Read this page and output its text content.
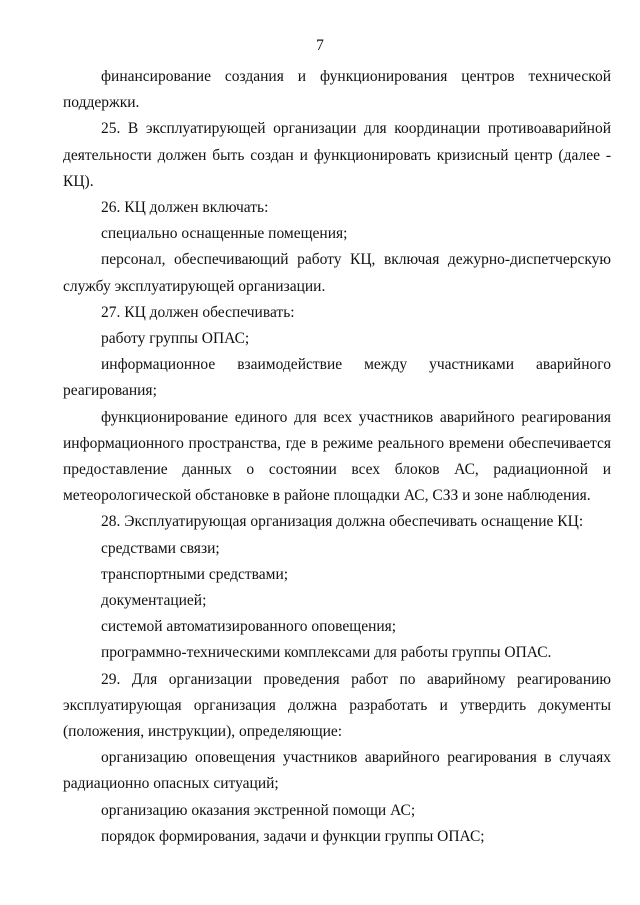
7

финансирование создания и функционирования центров технической поддержки.

25. В эксплуатирующей организации для координации противоаварийной деятельности должен быть создан и функционировать кризисный центр (далее - КЦ).

26. КЦ должен включать:

специально оснащенные помещения;

персонал, обеспечивающий работу КЦ, включая дежурно-диспетчерскую службу эксплуатирующей организации.

27. КЦ должен обеспечивать:

работу группы ОПАС;

информационное взаимодействие между участниками аварийного реагирования;

функционирование единого для всех участников аварийного реагирования информационного пространства, где в режиме реального времени обеспечивается предоставление данных о состоянии всех блоков АС, радиационной и метеорологической обстановке в районе площадки АС, СЗЗ и зоне наблюдения.

28. Эксплуатирующая организация должна обеспечивать оснащение КЦ:

средствами связи;

транспортными средствами;

документацией;

системой автоматизированного оповещения;

программно-техническими комплексами для работы группы ОПАС.

29. Для организации проведения работ по аварийному реагированию эксплуатирующая организация должна разработать и утвердить документы (положения, инструкции), определяющие:

организацию оповещения участников аварийного реагирования в случаях радиационно опасных ситуаций;

организацию оказания экстренной помощи АС;

порядок формирования, задачи и функции группы ОПАС;
